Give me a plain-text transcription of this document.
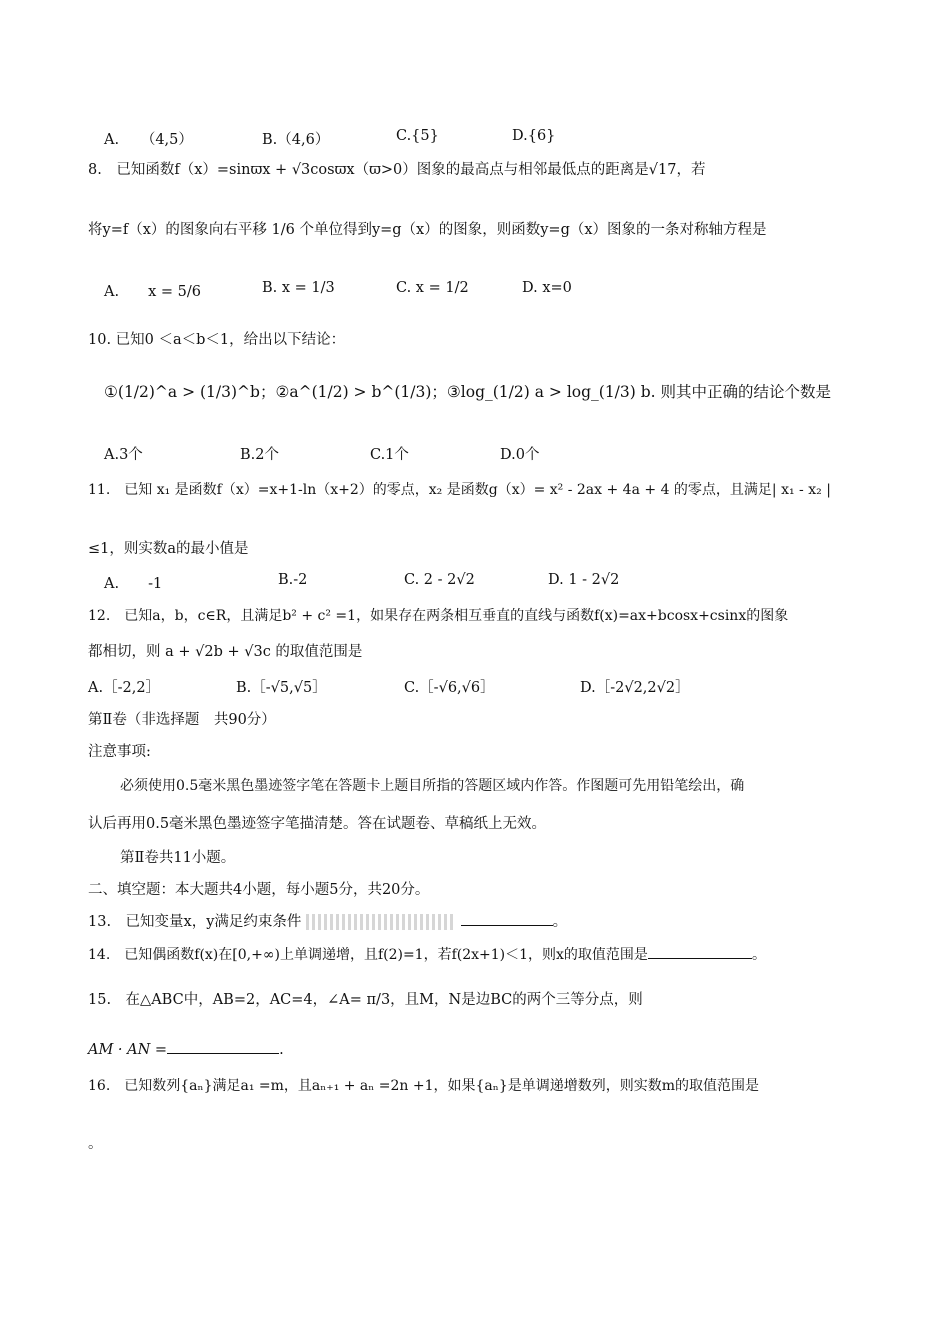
A.　　（4,5）	B.（4,6）	C.{5}	D.{6}
8.　已知函数f（x）=sinϖx + √3cosϖx（ϖ>0）图象的最高点与相邻最低点的距离是√17，若
将y=f（x）的图象向右平移 1/6 个单位得到y=g（x）的图象，则函数y=g（x）图象的一条对称轴方程是
A.　　x = 5/6	B. x = 1/3	C. x = 1/2	D. x=0
10. 已知0 ＜a＜b＜1，给出以下结论：
①(1/2)^a > (1/3)^b；②a^(1/2) > b^(1/3)；③log_(1/2) a > log_(1/3) b. 则其中正确的结论个数是
A.3个	B.2个	C.1个	D.0个
11.　已知 x₁ 是函数f（x）=x+1-ln（x+2）的零点，x₂ 是函数g（x）= x² - 2ax + 4a + 4 的零点，且满足| x₁ - x₂ |
≤1，则实数a的最小值是
A.　　-1	B.-2	C. 2 - 2√2	D. 1 - 2√2
12.　已知a，b，c∈R，且满足b² + c² =1，如果存在两条相互垂直的直线与函数f(x)=ax+bcosx+csinx的图象
都相切，则 a + √2b + √3c 的取值范围是
A.［-2,2］	B.［-√5,√5］	C.［-√6,√6］	D.［-2√2,2√2］
第Ⅱ卷（非选择题　共90分）
注意事项:
必须使用0.5毫米黑色墨迹签字笔在答题卡上题目所指的答题区域内作答。作图题可先用铅笔绘出，确
认后再用0.5毫米黑色墨迹签字笔描清楚。答在试题卷、草稿纸上无效。
第Ⅱ卷共11小题。
二、填空题：本大题共4小题，每小题5分，共20分。
13.　已知变量x，y满足约束条件	。
14.　已知偶函数f(x)在[0,+∞)上单调递增，且f(2)=1，若f(2x+1)＜1，则x的取值范围是	。
15.　在△ABC中，AB=2，AC=4，∠A= π/3，且M，N是边BC的两个三等分点，则
AM · AN =	.
16.　已知数列{aₙ}满足a₁ =m，且aₙ₊₁ + aₙ =2n +1，如果{aₙ}是单调递增数列，则实数m的取值范围是
。
